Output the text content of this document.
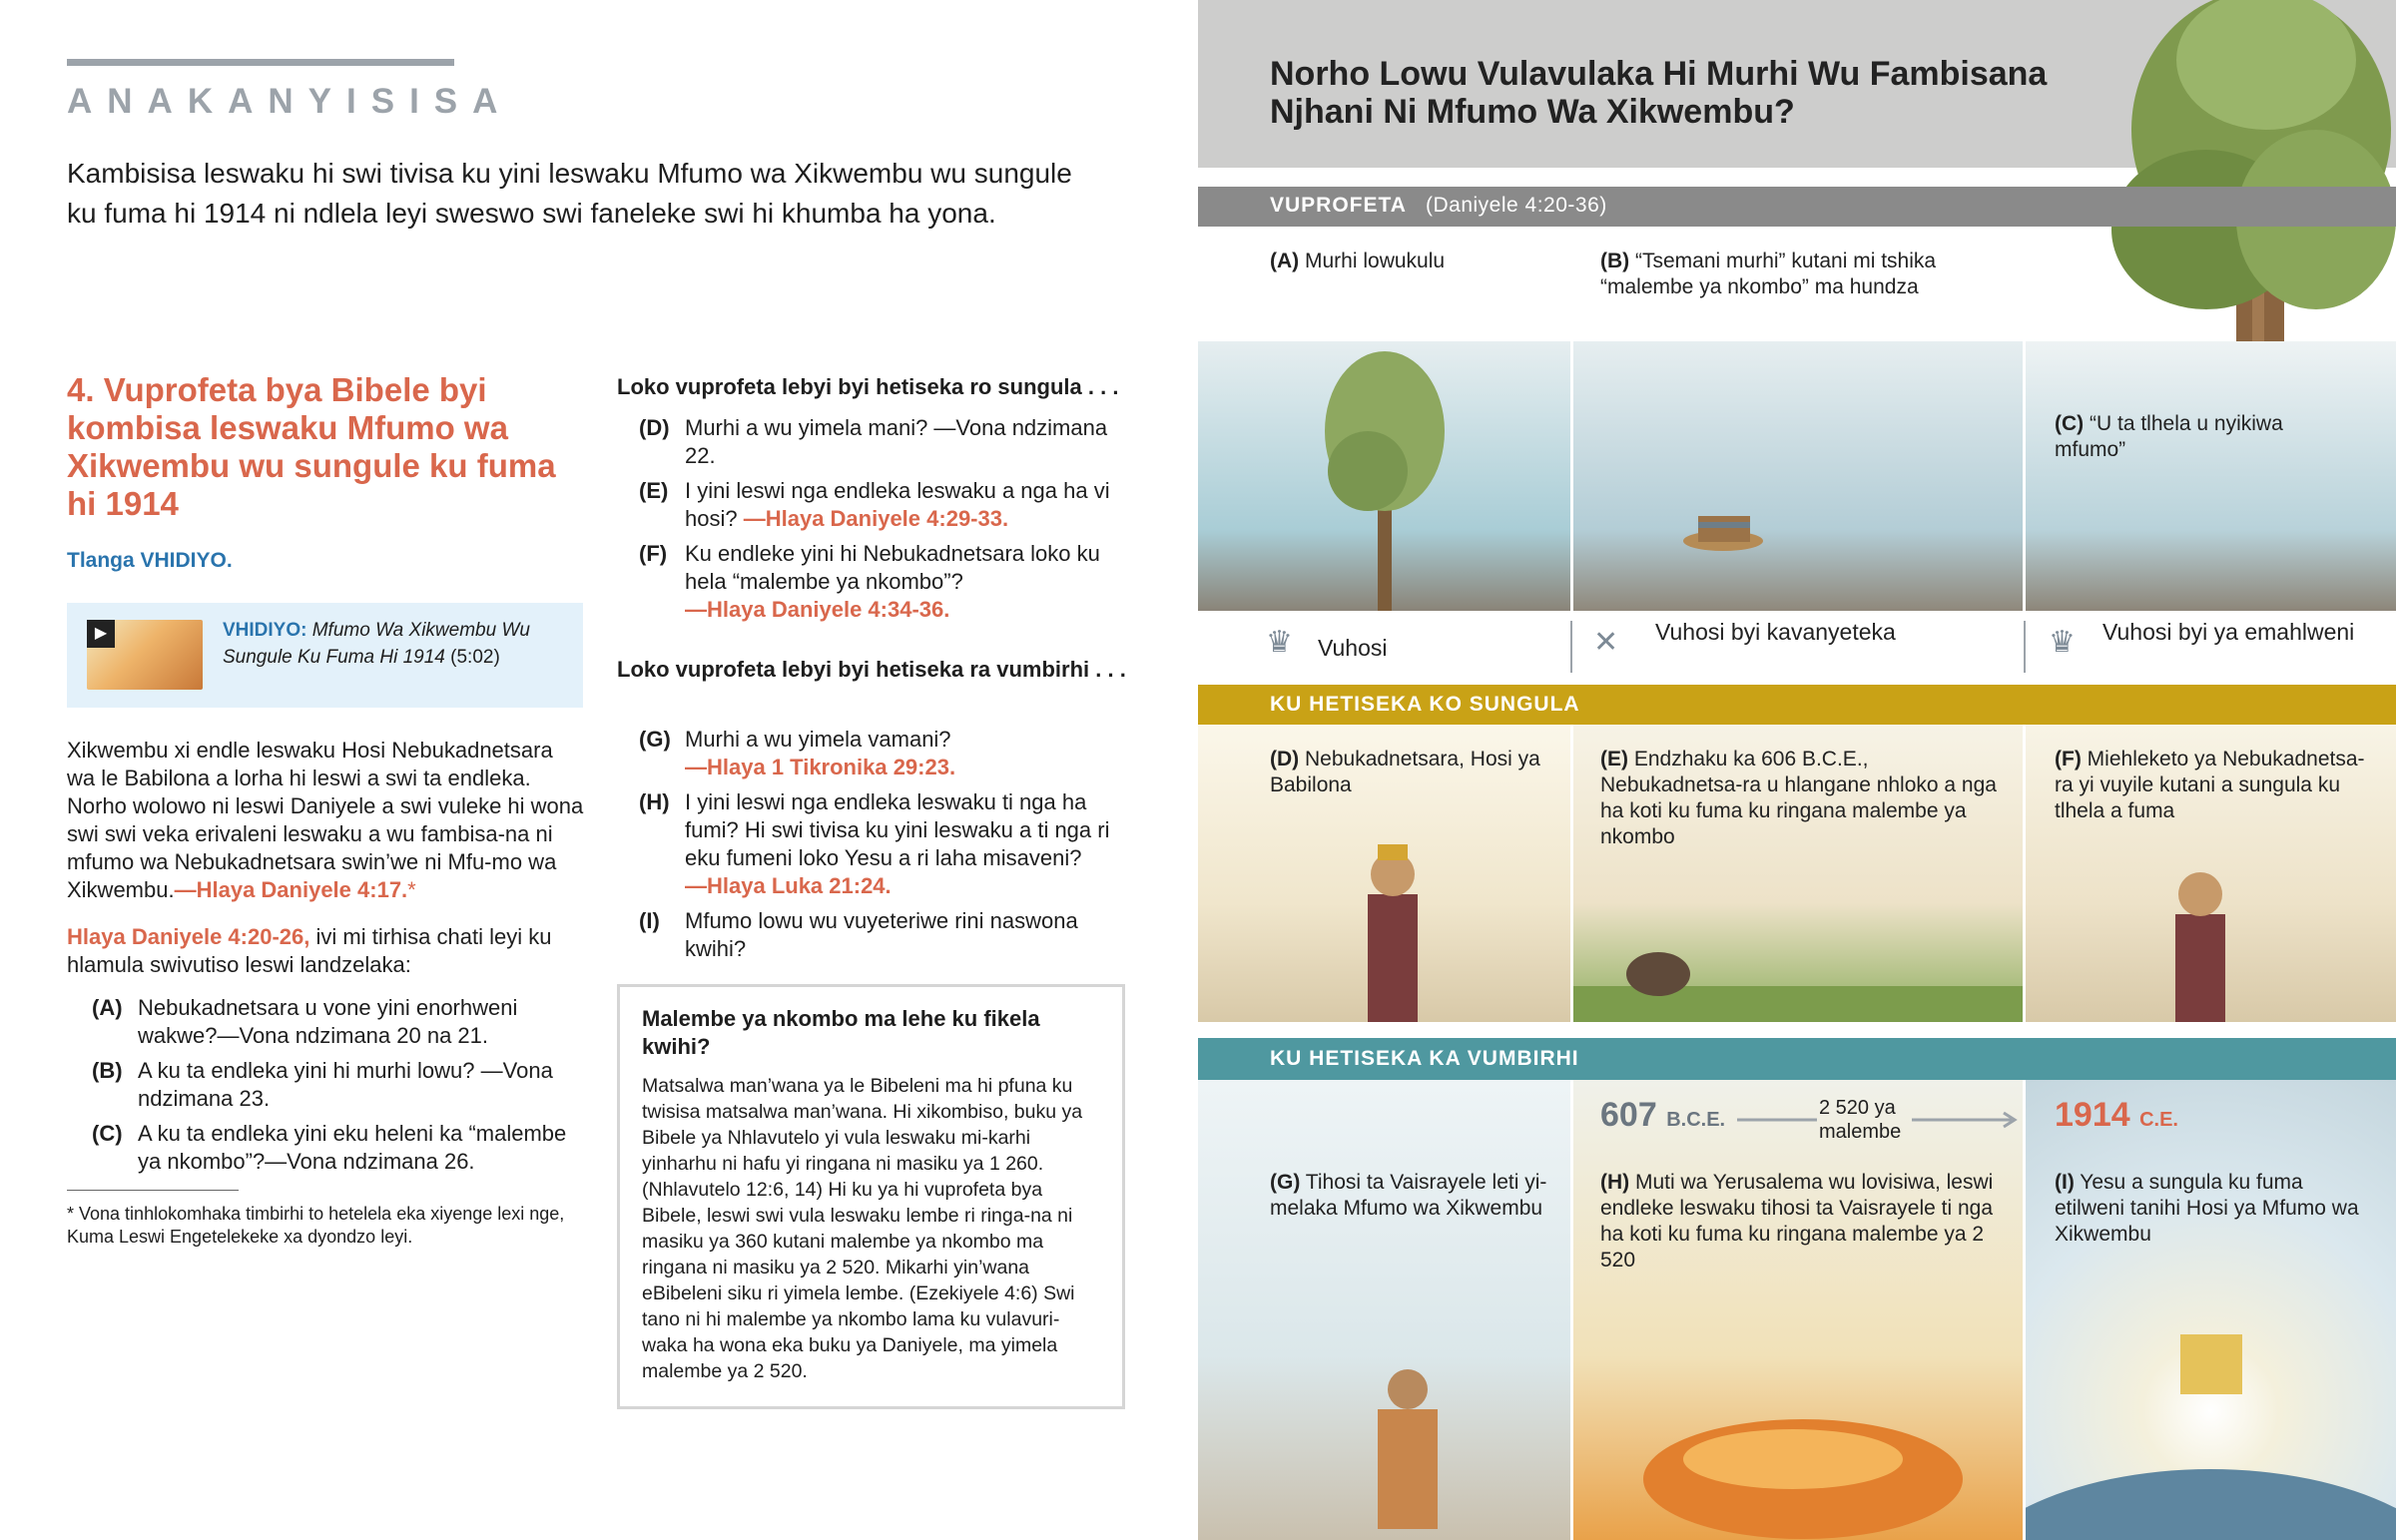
ANAKANYISISA
Kambisisa leswaku hi swi tivisa ku yini leswaku Mfumo wa Xikwembu wu sungule ku fuma hi 1914 ni ndlela leyi sweswo swi faneleke swi hi khumba ha yona.
4. Vuprofeta bya Bibele byi kombisa leswaku Mfumo wa Xikwembu wu sungule ku fuma hi 1914
Tlanga VHIDIYO.
▶	VHIDIYO: Mfumo Wa Xikwembu Wu Sungule Ku Fuma Hi 1914 (5:02)
Xikwembu xi endle leswaku Hosi Nebukadnetsara wa le Babilona a lorha hi leswi a swi ta endleka. Norho wolowo ni leswi Daniyele a swi vuleke hi wona swi swi veka erivaleni leswaku a wu fambisa-na ni mfumo wa Nebukadnetsara swin’we ni Mfu-mo wa Xikwembu.—Hlaya Daniyele 4:17.*
Hlaya Daniyele 4:20-26, ivi mi tirhisa chati leyi ku hlamula swivutiso leswi landzelaka:
(A) Nebukadnetsara u vone yini enorhweni wakwe?—Vona ndzimana 20 na 21.
(B) A ku ta endleka yini hi murhi lowu? —Vona ndzimana 23.
(C) A ku ta endleka yini eku heleni ka “malembe ya nkombo”?—Vona ndzimana 26.
* Vona tinhlokomhaka timbirhi to hetelela eka xiyenge lexi nge, Kuma Leswi Engetelekeke xa dyondzo leyi.
Loko vuprofeta lebyi byi hetiseka ro sungula . . .
(D) Murhi a wu yimela mani? —Vona ndzimana 22.
(E) I yini leswi nga endleka leswaku a nga ha vi hosi? —Hlaya Daniyele 4:29-33.
(F) Ku endleke yini hi Nebukadnetsara loko ku hela “malembe ya nkombo”?
—Hlaya Daniyele 4:34-36.
Loko vuprofeta lebyi byi hetiseka ra vumbirhi . . .
(G) Murhi a wu yimela vamani?
—Hlaya 1 Tikronika 29:23.
(H) I yini leswi nga endleka leswaku ti nga ha fumi? Hi swi tivisa ku yini leswaku a ti nga ri eku fumeni loko Yesu a ri laha misaveni?
—Hlaya Luka 21:24.
(I) Mfumo lowu wu vuyeteriwe rini naswona kwihi?
Malembe ya nkombo ma lehe ku fikela kwihi?

Matsalwa man’wana ya le Bibeleni ma hi pfuna ku twisisa matsalwa man’wana. Hi xikombiso, buku ya Bibele ya Nhlavutelo yi vula leswaku mi-karhi yinharhu ni hafu yi ringana ni masiku ya 1 260. (Nhlavutelo 12:6, 14) Hi ku ya hi vuprofeta bya Bibele, leswi swi vula leswaku lembe ri ringa-na ni masiku ya 360 kutani malembe ya nkombo ma ringana ni masiku ya 2 520. Mikarhi yin’wana eBibeleni siku ri yimela lembe. (Ezekiyele 4:6) Swi tano ni hi malembe ya nkombo lama ku vulavuri-waka ha wona eka buku ya Daniyele, ma yimela malembe ya 2 520.

Norho Lowu Vulavulaka Hi Murhi Wu Fambisana Njhani Ni Mfumo Wa Xikwembu?
VUPROFETA (Daniyele 4:20-36)
(A) Murhi lowukulu	(B) “Tsemani murhi” kutani mi tshika “malembe ya nkombo” ma hundza
(C) “U ta tlhela u nyikiwa mfumo”
♛ Vuhosi	✕ Vuhosi byi kavanyeteka	♛ Vuhosi byi ya emahlweni
KU HETISEKA KO SUNGULA
(D) Nebukadnetsara, Hosi ya Babilona
(E) Endzhaku ka 606 B.C.E., Nebukadnetsa-ra u hlangane nhloko a nga ha koti ku fuma ku ringana malembe ya nkombo
(F) Miehleketo ya Nebukadnetsa-ra yi vuyile kutani a sungula ku tlhela a fuma
KU HETISEKA KA VUMBIRHI
607 B.C.E.
2 520 ya malembe	1914 C.E.
(G) Tihosi ta Vaisrayele leti yi-melaka Mfumo wa Xikwembu
(H) Muti wa Yerusalema wu lovisiwa, leswi endleke leswaku tihosi ta Vaisrayele ti nga ha koti ku fuma ku ringana malembe ya 2 520
(I) Yesu a sungula ku fuma etilweni tanihi Hosi ya Mfumo wa Xikwembu
